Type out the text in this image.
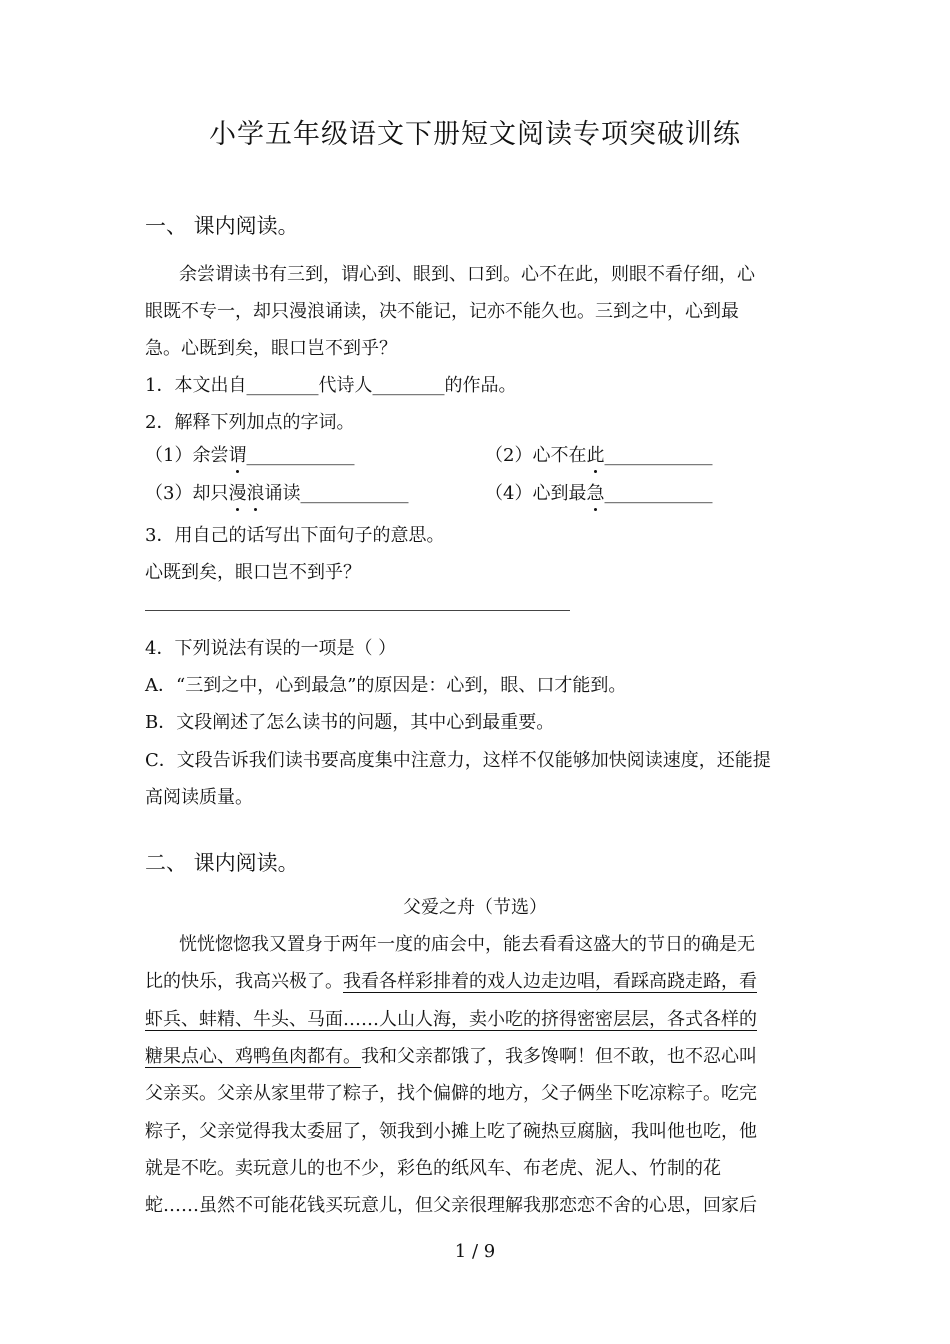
小学五年级语文下册短文阅读专项突破训练
一、 课内阅读。
余尝谓读书有三到，谓心到、眼到、口到。心不在此，则眼不看仔细，心
眼既不专一，却只漫浪诵读，决不能记，记亦不能久也。三到之中，心到最
急。心既到矣，眼口岂不到乎？
1．本文出自________代诗人________的作品。
2．解释下列加点的字词。
（1）余尝谓____________	（2）心不在此____________
（3）却只漫浪诵读____________	（4）心到最急____________
3．用自己的话写出下面句子的意思。
心既到矣，眼口岂不到乎？
4．下列说法有误的一项是（ ）
A．“三到之中，心到最急”的原因是：心到，眼、口才能到。
B．文段阐述了怎么读书的问题，其中心到最重要。
C．文段告诉我们读书要高度集中注意力，这样不仅能够加快阅读速度，还能提
高阅读质量。
二、 课内阅读。
父爱之舟（节选）
恍恍惚惚我又置身于两年一度的庙会中，能去看看这盛大的节日的确是无
比的快乐，我高兴极了。我看各样彩排着的戏人边走边唱，看踩高跷走路，看
虾兵、蚌精、牛头、马面……人山人海，卖小吃的挤得密密层层，各式各样的
糖果点心、鸡鸭鱼肉都有。我和父亲都饿了，我多馋啊！但不敢，也不忍心叫
父亲买。父亲从家里带了粽子，找个偏僻的地方，父子俩坐下吃凉粽子。吃完
粽子，父亲觉得我太委屈了，领我到小摊上吃了碗热豆腐脑，我叫他也吃，他
就是不吃。卖玩意儿的也不少，彩色的纸风车、布老虎、泥人、竹制的花
蛇……虽然不可能花钱买玩意儿，但父亲很理解我那恋恋不舍的心思，回家后
1 / 9
